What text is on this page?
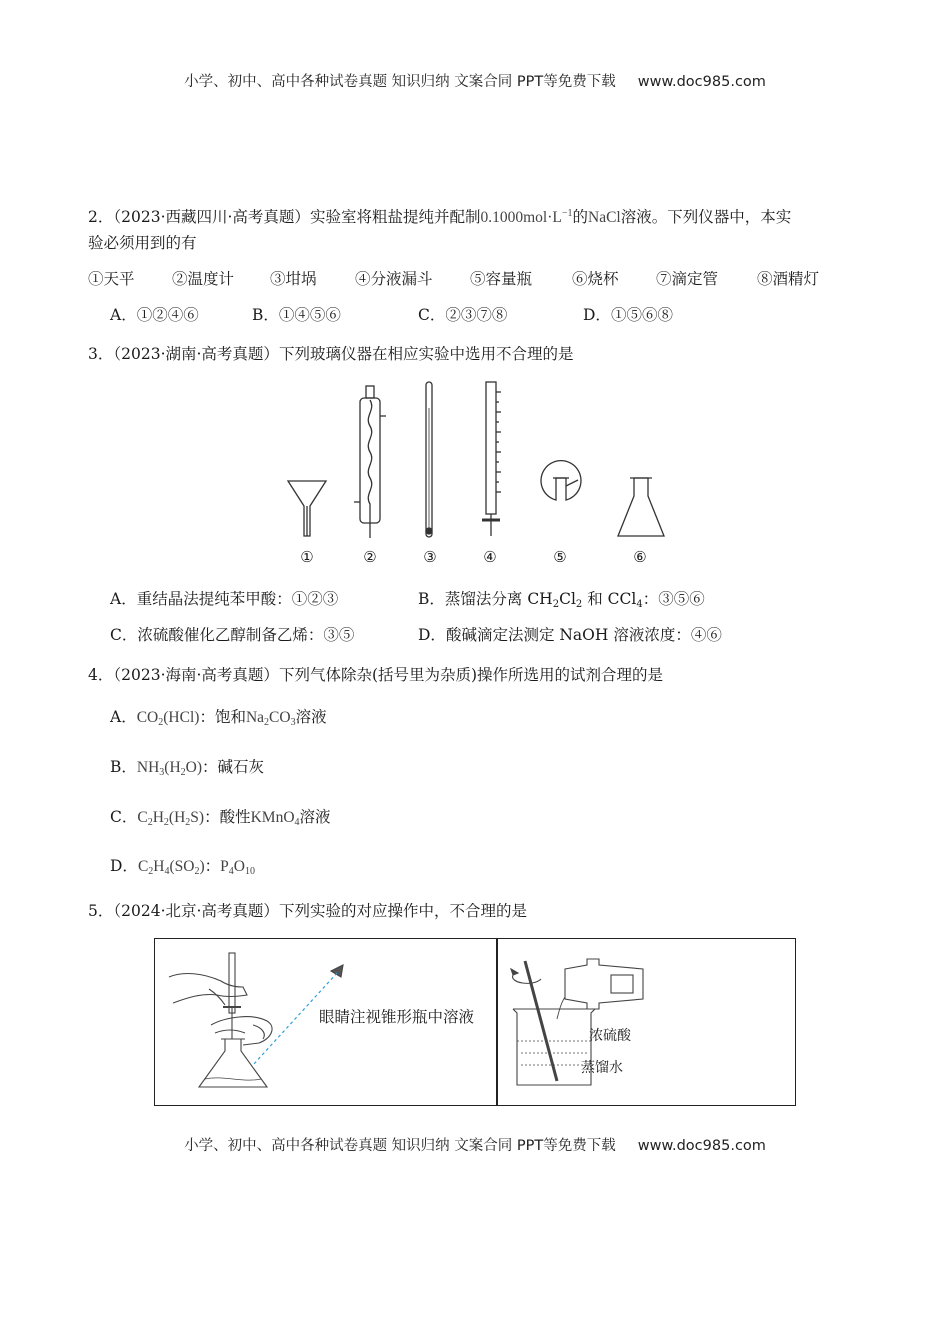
小学、初中、高中各种试卷真题 知识归纳 文案合同 PPT等免费下载 www.doc985.com
2．（2023·西藏四川·高考真题）实验室将粗盐提纯并配制$0.1000mol\cdot L^{-1}$的NaCl溶液。下列仪器中，本实
验必须用到的有
①天平 ②温度计 ③坩埚 ④分液漏斗 ⑤容量瓶	⑥烧杯 ⑦滴定管	⑧酒精灯
A．①②④⑥	B．①④⑤⑥	C．②③⑦⑧	D．①⑤⑥⑧
3．（2023·湖南·高考真题）下列玻璃仪器在相应实验中选用不合理的是
①	②	③	④	⑤	⑥
A．重结晶法提纯苯甲酸：①②③	B．蒸馏法分离 $CH_2Cl_2$ 和 CCl$_4$：③⑤⑥
C．浓硫酸催化乙醇制备乙烯：③⑤	D．酸碱滴定法测定 NaOH 溶液浓度：④⑥
4．（2023·海南·高考真题）下列气体除杂(括号里为杂质)操作所选用的试剂合理的是
A．$CO_2(HCl)$：饱和$Na_2CO_3$溶液
B．$NH_3(H_2O)$：碱石灰
C．$C_2H_2(H_2S)$：酸性KMnO$_4$溶液
D．$C_2H_4(SO_2)$：$P_4O_{10}$
5．（2024·北京·高考真题）下列实验的对应操作中，不合理的是
眼睛注视锥形瓶中溶液
浓硫酸
蒸馏水
小学、初中、高中各种试卷真题 知识归纳 文案合同 PPT等免费下载 www.doc985.com
